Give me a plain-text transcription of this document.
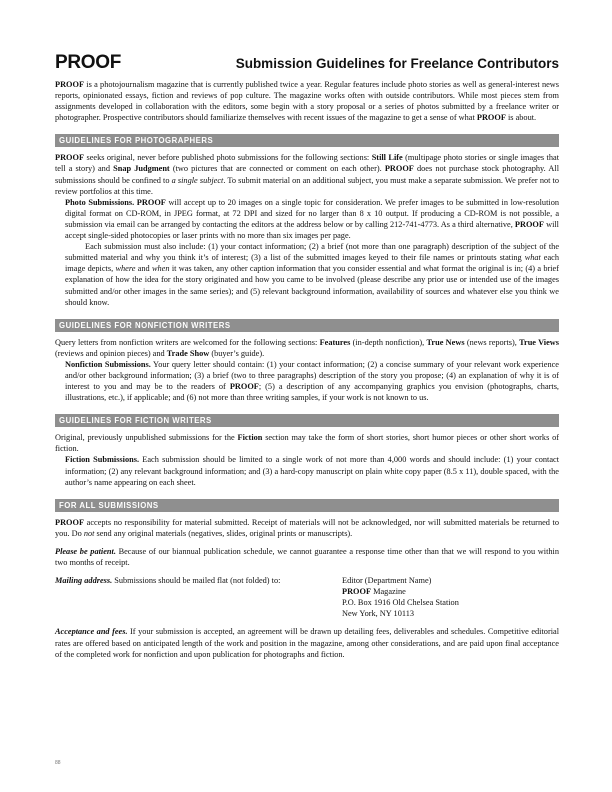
PROOF	Submission Guidelines for Freelance Contributors

PROOF is a photojournalism magazine that is currently published twice a year. Regular features include photo stories as well as general-interest news reports, opinionated essays, fiction and reviews of pop culture. The magazine works often with outside contributors. While most pieces stem from assignments developed in collaboration with the editors, some begin with a story proposal or a series of photos submitted by a freelance writer or photographer. Prospective contributors should familiarize themselves with recent issues of the magazine to get a sense of what PROOF is about.

GUIDELINES FOR PHOTOGRAPHERS

PROOF seeks original, never before published photo submissions for the following sections: Still Life (multipage photo stories or single images that tell a story) and Snap Judgment (two pictures that are connected or comment on each other). PROOF does not purchase stock photography. All submissions should be confined to a single subject. To submit material on an additional subject, you must make a separate submission. We prefer not to review portfolios at this time.

Photo Submissions. PROOF will accept up to 20 images on a single topic for consideration. We prefer images to be submitted in low-resolution digital format on CD-ROM, in JPEG format, at 72 DPI and sized for no larger than 8 x 10 output. If producing a CD-ROM is not possible, a submission via email can be arranged by contacting the editors at the address below or by calling 212-741-4773. As a third alternative, PROOF will accept single-sided photocopies or laser prints with no more than six images per page.

Each submission must also include: (1) your contact information; (2) a brief (not more than one paragraph) description of the subject of the submitted material and why you think it’s of interest; (3) a list of the submitted images keyed to their file names or printouts stating what each image depicts, where and when it was taken, any other caption information that you consider essential and what format the original is in; (4) a brief explanation of how the idea for the story originated and how you came to be involved (please describe any prior use or intended use of the images submitted and/or other images in the same series); and (5) relevant background information, availability of sources and whatever else you think we should know.

GUIDELINES FOR NONFICTION WRITERS

Query letters from nonfiction writers are welcomed for the following sections: Features (in-depth nonfiction), True News (news reports), True Views (reviews and opinion pieces) and Trade Show (buyer’s guide).

Nonfiction Submissions. Your query letter should contain: (1) your contact information; (2) a concise summary of your relevant work experience and/or other background information; (3) a brief (two to three paragraphs) description of the story you propose; (4) an explanation of why it is of interest to you and may be to the readers of PROOF; (5) a description of any accompanying graphics you envision (photographs, charts, illustrations, etc.), if applicable; and (6) not more than three writing samples, if your work is not known to us.

GUIDELINES FOR FICTION WRITERS

Original, previously unpublished submissions for the Fiction section may take the form of short stories, short humor pieces or other short works of fiction.

Fiction Submissions. Each submission should be limited to a single work of not more than 4,000 words and should include: (1) your contact information; (2) any relevant background information; and (3) a hard-copy manuscript on plain white copy paper (8.5 x 11), double spaced, with the author’s name appearing on each sheet.

FOR ALL SUBMISSIONS

PROOF accepts no responsibility for material submitted. Receipt of materials will not be acknowledged, nor will submitted materials be returned to you. Do not send any original materials (negatives, slides, original prints or manuscripts).

Please be patient. Because of our biannual publication schedule, we cannot guarantee a response time other than that we will respond to you within two months of receipt.

Mailing address. Submissions should be mailed flat (not folded) to:	Editor (Department Name)
PROOF Magazine
P.O. Box 1916 Old Chelsea Station
New York, NY 10113

Acceptance and fees. If your submission is accepted, an agreement will be drawn up detailing fees, deliverables and schedules. Competitive editorial rates are offered based on anticipated length of the work and position in the magazine, among other considerations, and are paid upon final acceptance of the completed work for nonfiction and upon publication for photographs and fiction.

88
